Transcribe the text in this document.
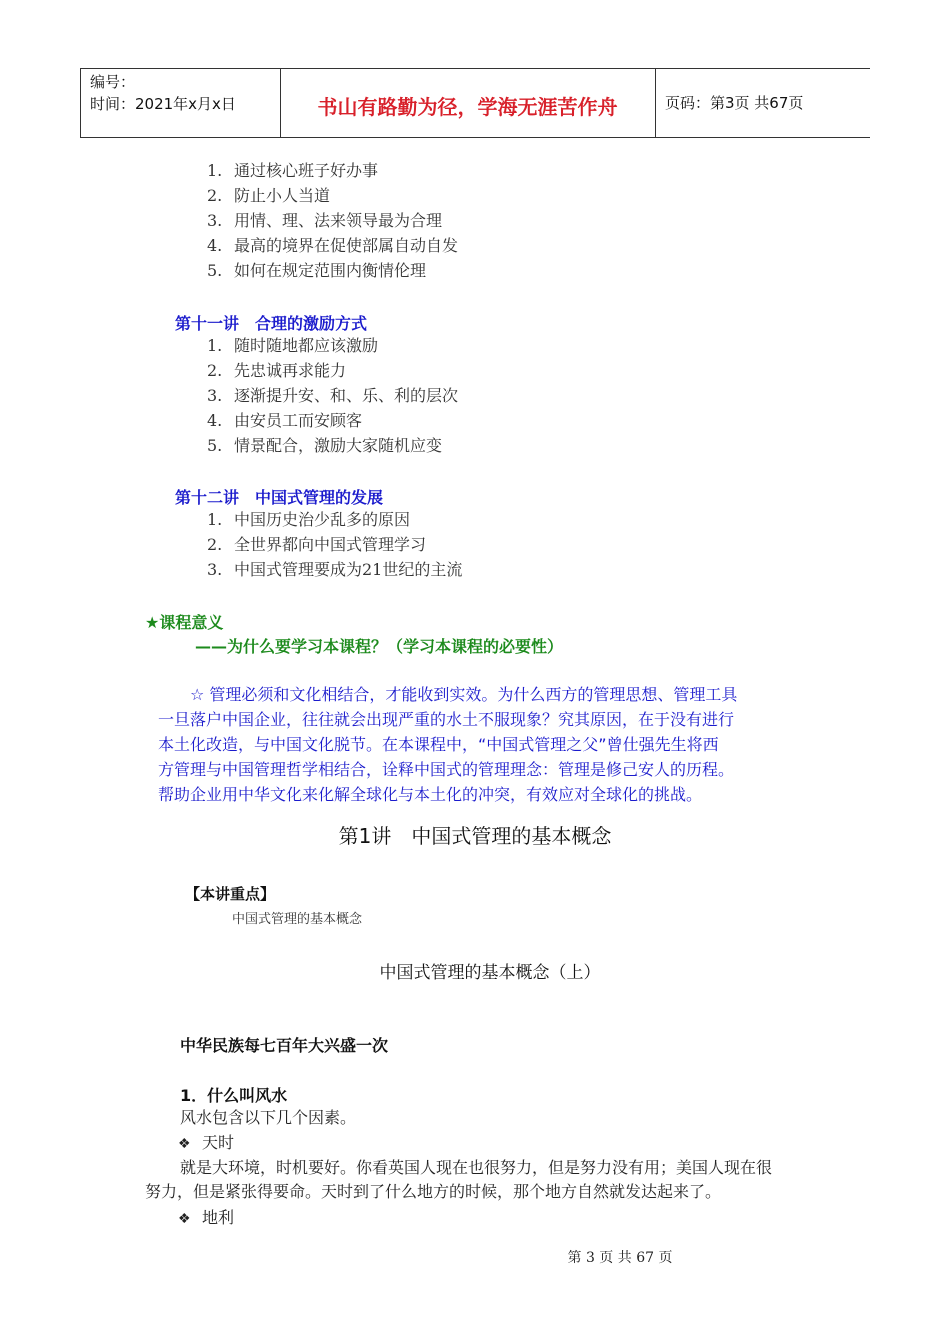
编号：
时间：2021年x月x日	书山有路勤为径，学海无涯苦作舟	页码：第3页 共67页
1. 通过核心班子好办事
2. 防止小人当道
3. 用情、理、法来领导最为合理
4. 最高的境界在促使部属自动自发
5. 如何在规定范围内衡情伦理
第十一讲　合理的激励方式
1. 随时随地都应该激励
2. 先忠诚再求能力
3. 逐渐提升安、和、乐、利的层次
4. 由安员工而安顾客
5. 情景配合，激励大家随机应变
第十二讲　中国式管理的发展
1. 中国历史治少乱多的原因
2. 全世界都向中国式管理学习
3. 中国式管理要成为21世纪的主流
★课程意义
——为什么要学习本课程？（学习本课程的必要性）
　　☆ 管理必须和文化相结合，才能收到实效。为什么西方的管理思想、管理工具
一旦落户中国企业，往往就会出现严重的水土不服现象？究其原因，在于没有进行
本土化改造，与中国文化脱节。在本课程中，“中国式管理之父”曾仕强先生将西
方管理与中国管理哲学相结合，诠释中国式的管理理念：管理是修己安人的历程。
帮助企业用中华文化来化解全球化与本土化的冲突，有效应对全球化的挑战。
第1讲　中国式管理的基本概念
【本讲重点】
中国式管理的基本概念
中国式管理的基本概念（上）
中华民族每七百年大兴盛一次
1．什么叫风水
风水包含以下几个因素。
❖ 天时
就是大环境，时机要好。你看英国人现在也很努力，但是努力没有用；美国人现在很
努力，但是紧张得要命。天时到了什么地方的时候，那个地方自然就发达起来了。
❖ 地利
第 3 页 共 67 页
